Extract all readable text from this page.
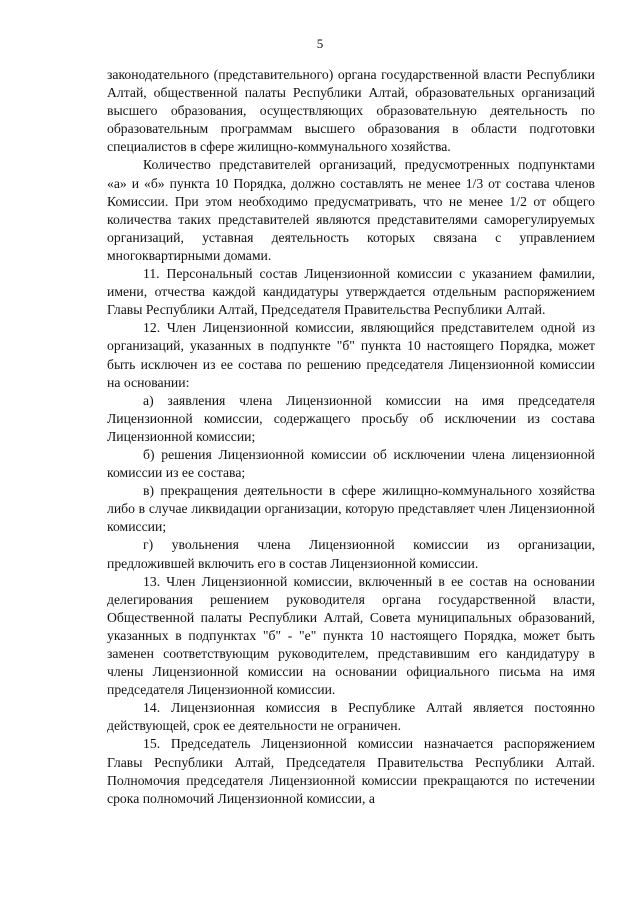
5

законодательного (представительного) органа государственной власти Республики Алтай, общественной палаты Республики Алтай, образовательных организаций высшего образования, осуществляющих образовательную деятельность по образовательным программам высшего образования в области подготовки специалистов в сфере жилищно-коммунального хозяйства.

Количество представителей организаций, предусмотренных подпунктами «а» и «б» пункта 10 Порядка, должно составлять не менее 1/3 от состава членов Комиссии. При этом необходимо предусматривать, что не менее 1/2 от общего количества таких представителей являются представителями саморегулируемых организаций, уставная деятельность которых связана с управлением многоквартирными домами.

11. Персональный состав Лицензионной комиссии с указанием фамилии, имени, отчества каждой кандидатуры утверждается отдельным распоряжением Главы Республики Алтай, Председателя Правительства Республики Алтай.

12. Член Лицензионной комиссии, являющийся представителем одной из организаций, указанных в подпункте "б" пункта 10 настоящего Порядка, может быть исключен из ее состава по решению председателя Лицензионной комиссии на основании:

а) заявления члена Лицензионной комиссии на имя председателя Лицензионной комиссии, содержащего просьбу об исключении из состава Лицензионной комиссии;

б) решения Лицензионной комиссии об исключении члена лицензионной комиссии из ее состава;

в) прекращения деятельности в сфере жилищно-коммунального хозяйства либо в случае ликвидации организации, которую представляет член Лицензионной комиссии;

г) увольнения члена Лицензионной комиссии из организации, предложившей включить его в состав Лицензионной комиссии.

13. Член Лицензионной комиссии, включенный в ее состав на основании делегирования решением руководителя органа государственной власти, Общественной палаты Республики Алтай, Совета муниципальных образований, указанных в подпунктах "б" - "е" пункта 10 настоящего Порядка, может быть заменен соответствующим руководителем, представившим его кандидатуру в члены Лицензионной комиссии на основании официального письма на имя председателя Лицензионной комиссии.

14. Лицензионная комиссия в Республике Алтай является постоянно действующей, срок ее деятельности не ограничен.

15. Председатель Лицензионной комиссии назначается распоряжением Главы Республики Алтай, Председателя Правительства Республики Алтай. Полномочия председателя Лицензионной комиссии прекращаются по истечении срока полномочий Лицензионной комиссии, а
